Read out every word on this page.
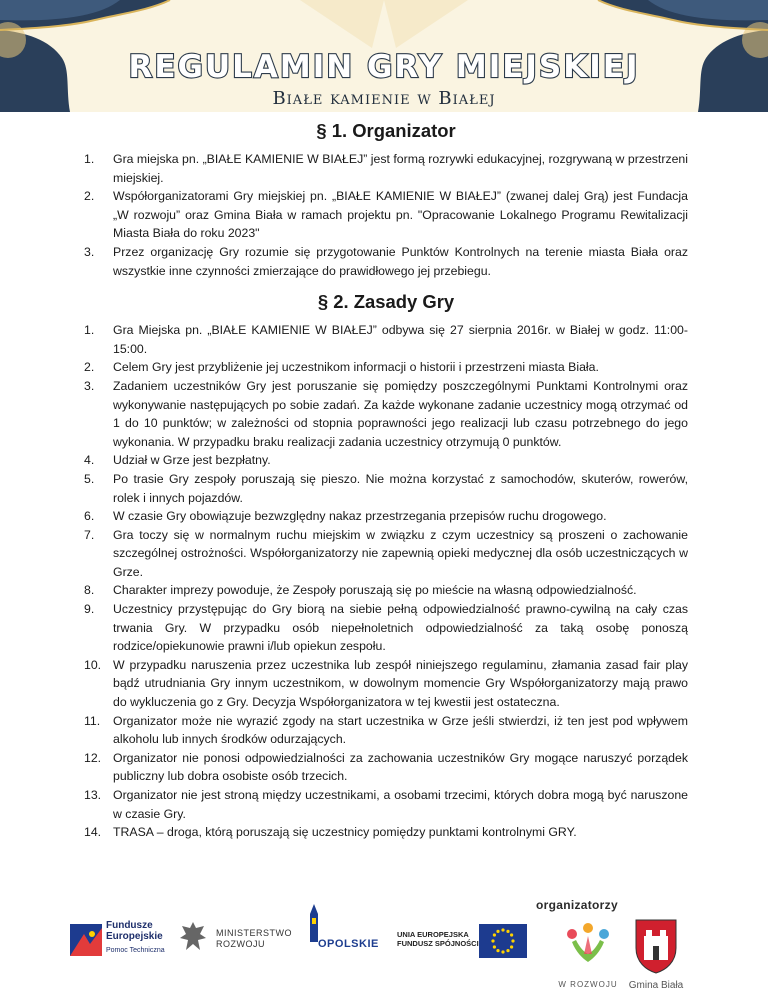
REGULAMIN GRY MIEJSKIEJ
Białe kamienie w Białej
§ 1. Organizator
1. Gra miejska pn. „BIAŁE KAMIENIE W BIAŁEJ” jest formą rozrywki edukacyjnej, rozgrywaną w przestrzeni miejskiej.
2. Współorganizatorami Gry miejskiej pn. „BIAŁE KAMIENIE W BIAŁEJ” (zwanej dalej Grą) jest Fundacja „W rozwoju” oraz Gmina Biała w ramach projektu pn. "Opracowanie Lokalnego Programu Rewitalizacji Miasta Biała do roku 2023"
3. Przez organizację Gry rozumie się przygotowanie Punktów Kontrolnych na terenie miasta Biała oraz wszystkie inne czynności zmierzające do prawidłowego jej przebiegu.
§ 2. Zasady Gry
1. Gra Miejska pn. „BIAŁE KAMIENIE W BIAŁEJ” odbywa się 27 sierpnia 2016r. w Białej w godz. 11:00-15:00.
2. Celem Gry jest przybliżenie jej uczestnikom informacji o historii i przestrzeni miasta Biała.
3. Zadaniem uczestników Gry jest poruszanie się pomiędzy poszczególnymi Punktami Kontrolnymi oraz wykonywanie następujących po sobie zadań. Za każde wykonane zadanie uczestnicy mogą otrzymać od 1 do 10 punktów; w zależności od stopnia poprawności jego realizacji lub czasu potrzebnego do jego wykonania. W przypadku braku realizacji zadania uczestnicy otrzymują 0 punktów.
4. Udział w Grze jest bezpłatny.
5. Po trasie Gry zespoły poruszają się pieszo. Nie można korzystać z samochodów, skuterów, rowerów, rolek i innych pojazdów.
6. W czasie Gry obowiązuje bezwzględny nakaz przestrzegania przepisów ruchu drogowego.
7. Gra toczy się w normalnym ruchu miejskim w związku z czym uczestnicy są proszeni o zachowanie szczególnej ostrożności. Współorganizatorzy nie zapewnią opieki medycznej dla osób uczestniczących w Grze.
8. Charakter imprezy powoduje, że Zespoły poruszają się po mieście na własną odpowiedzialność.
9. Uczestnicy przystępując do Gry biorą na siebie pełną odpowiedzialność prawno-cywilną na cały czas trwania Gry. W przypadku osób niepełnoletnich odpowiedzialność za taką osobę ponoszą rodzice/opiekunowie prawni i/lub opiekun zespołu.
10. W przypadku naruszenia przez uczestnika lub zespół niniejszego regulaminu, złamania zasad fair play bądź utrudniania Gry innym uczestnikom, w dowolnym momencie Gry Współorganizatorzy mają prawo do wykluczenia go z Gry. Decyzja Współorganizatora w tej kwestii jest ostateczna.
11. Organizator może nie wyrazić zgody na start uczestnika w Grze jeśli stwierdzi, iż ten jest pod wpływem alkoholu lub innych środków odurzających.
12. Organizator nie ponosi odpowiedzialności za zachowania uczestników Gry mogące naruszyć porządek publiczny lub dobra osobiste osób trzecich.
13. Organizator nie jest stroną między uczestnikami, a osobami trzecimi, których dobra mogą być naruszone w czasie Gry.
14. TRASA – droga, którą poruszają się uczestnicy pomiędzy punktami kontrolnymi GRY.
organizatorzy
Fundusze
Europejskie
Pomoc Techniczna
MINISTERSTWO
ROZWOJU	OPOLSKIE
UNIA EUROPEJSKA
FUNDUSZ SPÓJNOŚCI
W ROZWOJU	Gmina Biała
